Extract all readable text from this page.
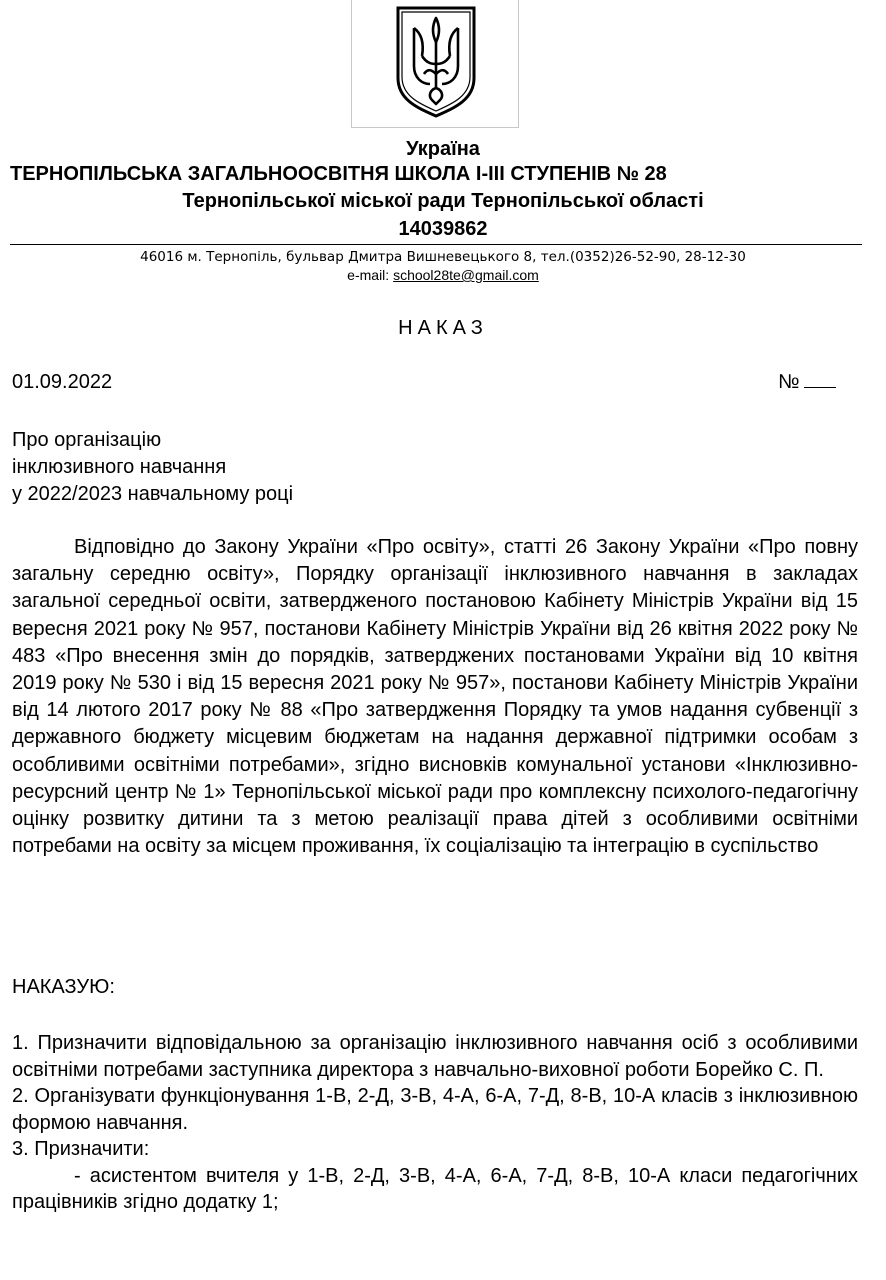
Україна
ТЕРНОПІЛЬСЬКА ЗАГАЛЬНООСВІТНЯ ШКОЛА І-ІІІ СТУПЕНІВ № 28
Тернопільської міської ради Тернопільської області
14039862
46016 м. Тернопіль, бульвар Дмитра Вишневецького 8, тел.(0352)26-52-90, 28-12-30
e-mail: school28te@gmail.com
НАКАЗ
01.09.2022	№
Про організацію
інклюзивного навчання
у 2022/2023 навчальному році
Відповідно до Закону України «Про освіту», статті 26 Закону України «Про повну загальну середню освіту», Порядку організації інклюзивного навчання в закладах загальної середньої освіти, затвердженого постановою Кабінету Міністрів України від 15 вересня 2021 року № 957, постанови Кабінету Міністрів України від 26 квітня 2022 року № 483 «Про внесення змін до порядків, затверджених постановами України від 10 квітня 2019 року № 530 і від 15 вересня 2021 року № 957», постанови Кабінету Міністрів України від 14 лютого 2017 року № 88 «Про затвердження Порядку та умов надання субвенції з державного бюджету місцевим бюджетам на надання державної підтримки особам з особливими освітніми потребами», згідно висновків комунальної установи «Інклюзивно-ресурсний центр № 1» Тернопільської міської ради про комплексну психолого-педагогічну оцінку розвитку дитини та з метою реалізації права дітей з особливими освітніми потребами на освіту за місцем проживання, їх соціалізацію та інтеграцію в суспільство
НАКАЗУЮ:

1. Призначити відповідальною за організацію інклюзивного навчання осіб з особливими освітніми потребами заступника директора з навчально-виховної роботи Борейко С. П.

2. Організувати функціонування 1-В, 2-Д, 3-В, 4-А, 6-А, 7-Д, 8-В, 10-А класів з інклюзивною формою навчання.

3. Призначити:

- асистентом вчителя у 1-В, 2-Д, 3-В, 4-А, 6-А, 7-Д, 8-В, 10-А класи педагогічних працівників згідно додатку 1;
